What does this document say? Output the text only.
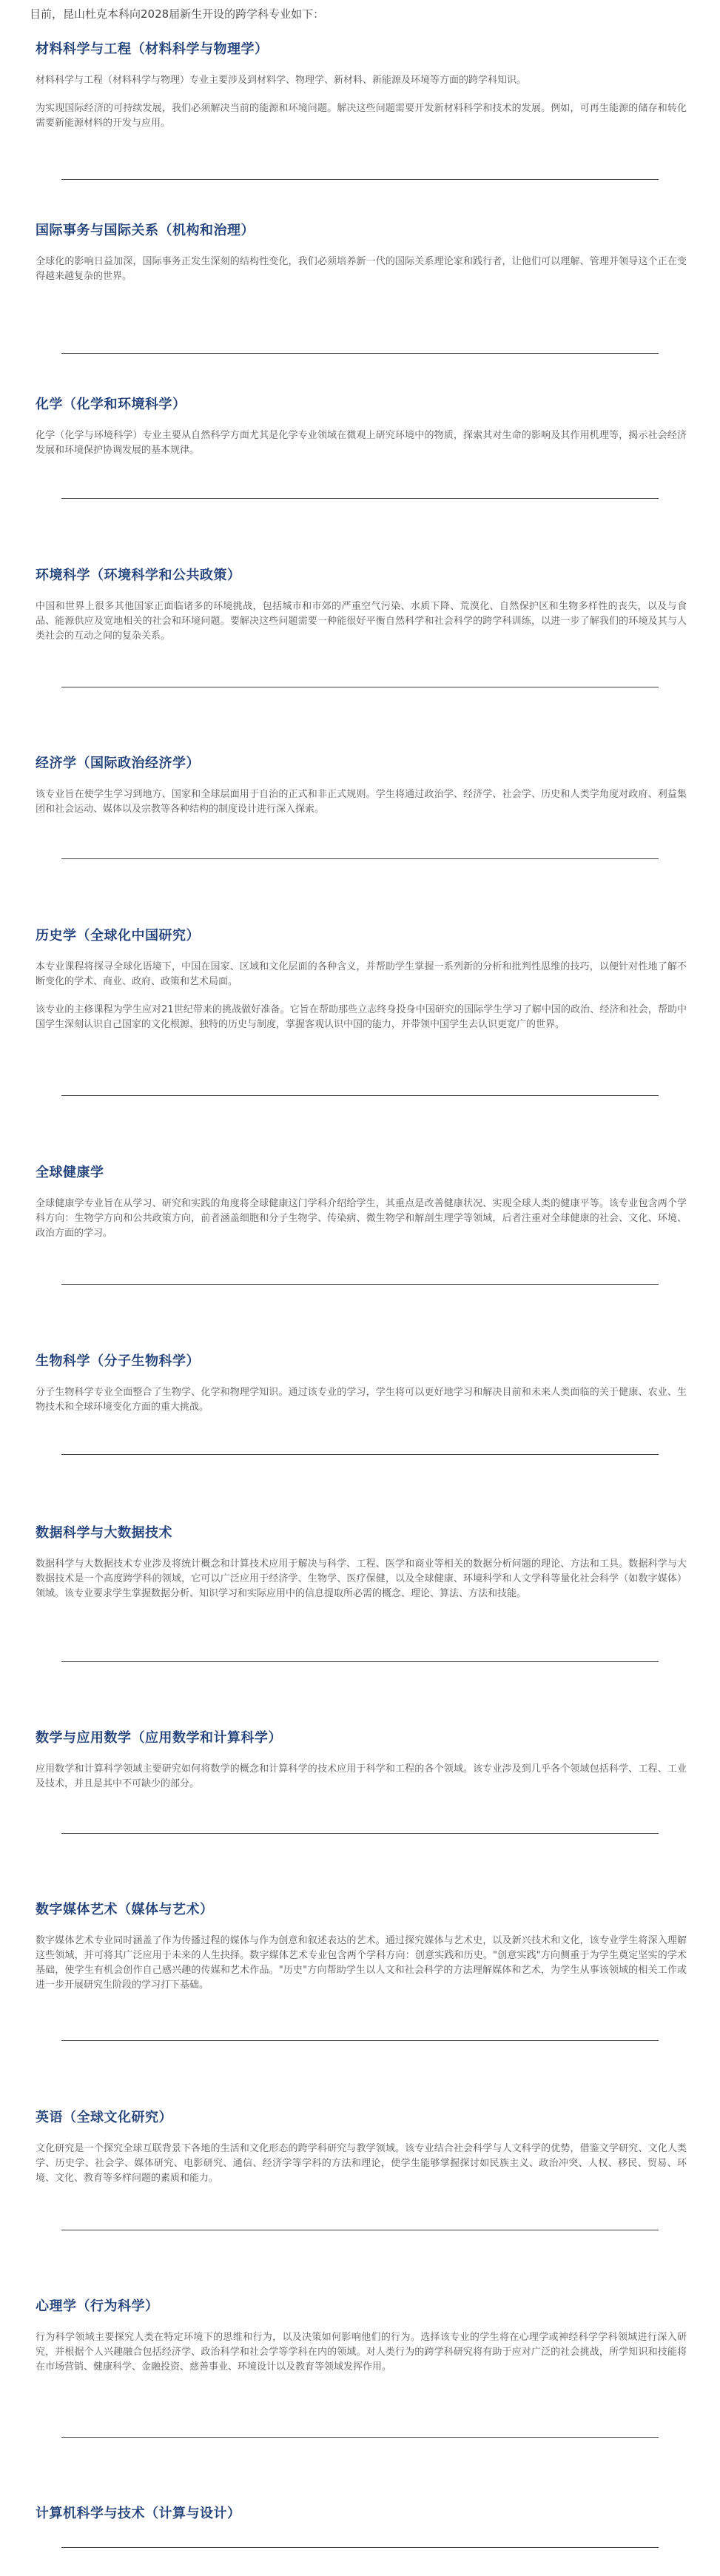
目前，昆山杜克本科向2028届新生开设的跨学科专业如下：

材料科学与工程（材料科学与物理学）

材料科学与工程（材料科学与物理）专业主要涉及到材料学、物理学、新材料、新能源及环境等方面的跨学科知识。

为实现国际经济的可持续发展，我们必须解决当前的能源和环境问题。解决这些问题需要开发新材料科学和技术的发展。例如，可再生能源的储存和转化需要新能源材料的开发与应用。

国际事务与国际关系（机构和治理）

全球化的影响日益加深，国际事务正发生深刻的结构性变化，我们必须培养新一代的国际关系理论家和践行者，让他们可以理解、管理并领导这个正在变得越来越复杂的世界。

化学（化学和环境科学）

化学（化学与环境科学）专业主要从自然科学方面尤其是化学专业领域在微观上研究环境中的物质，探索其对生命的影响及其作用机理等，揭示社会经济发展和环境保护协调发展的基本规律。

环境科学（环境科学和公共政策）

中国和世界上很多其他国家正面临诸多的环境挑战，包括城市和市郊的严重空气污染、水质下降、荒漠化、自然保护区和生物多样性的丧失，以及与食品、能源供应及宽地相关的社会和环境问题。要解决这些问题需要一种能很好平衡自然科学和社会科学的跨学科训练，以进一步了解我们的环境及其与人类社会的互动之间的复杂关系。

经济学（国际政治经济学）

该专业旨在使学生学习到地方、国家和全球层面用于自治的正式和非正式规则。学生将通过政治学、经济学、社会学、历史和人类学角度对政府、利益集团和社会运动、媒体以及宗教等各种结构的制度设计进行深入探索。

历史学（全球化中国研究）

本专业课程将探寻全球化语境下，中国在国家、区域和文化层面的各种含义，并帮助学生掌握一系列新的分析和批判性思维的技巧，以便针对性地了解不断变化的学术、商业、政府、政策和艺术局面。

该专业的主修课程为学生应对21世纪带来的挑战做好准备。它旨在帮助那些立志终身投身中国研究的国际学生学习了解中国的政治、经济和社会，帮助中国学生深刻认识自己国家的文化根源、独特的历史与制度，掌握客观认识中国的能力，并带领中国学生去认识更宽广的世界。

全球健康学

全球健康学专业旨在从学习、研究和实践的角度将全球健康这门学科介绍给学生，其重点是改善健康状况、实现全球人类的健康平等。该专业包含两个学科方向：生物学方向和公共政策方向，前者涵盖细胞和分子生物学、传染病、微生物学和解剖生理学等领域，后者注重对全球健康的社会、文化、环境、政治方面的学习。

生物科学（分子生物科学）

分子生物科学专业全面整合了生物学、化学和物理学知识。通过该专业的学习，学生将可以更好地学习和解决目前和未来人类面临的关于健康、农业、生物技术和全球环境变化方面的重大挑战。

数据科学与大数据技术

数据科学与大数据技术专业涉及将统计概念和计算技术应用于解决与科学、工程、医学和商业等相关的数据分析问题的理论、方法和工具。数据科学与大数据技术是一个高度跨学科的领域，它可以广泛应用于经济学、生物学、医疗保健，以及全球健康、环境科学和人文学科等量化社会科学（如数字媒体）领域。该专业要求学生掌握数据分析、知识学习和实际应用中的信息提取所必需的概念、理论、算法、方法和技能。

数学与应用数学（应用数学和计算科学）

应用数学和计算科学领域主要研究如何将数学的概念和计算科学的技术应用于科学和工程的各个领域。该专业涉及到几乎各个领域包括科学、工程、工业及技术，并且是其中不可缺少的部分。

数字媒体艺术（媒体与艺术）

数字媒体艺术专业同时涵盖了作为传播过程的媒体与作为创意和叙述表达的艺术。通过探究媒体与艺术史，以及新兴技术和文化，该专业学生将深入理解这些领域，并可将其广泛应用于未来的人生抉择。数字媒体艺术专业包含两个学科方向：创意实践和历史。"创意实践"方向侧重于为学生奠定坚实的学术基础，使学生有机会创作自己感兴趣的传媒和艺术作品。"历史"方向帮助学生以人文和社会科学的方法理解媒体和艺术，为学生从事该领域的相关工作或进一步开展研究生阶段的学习打下基础。

英语（全球文化研究）

文化研究是一个探究全球互联背景下各地的生活和文化形态的跨学科研究与教学领域。该专业结合社会科学与人文科学的优势，借鉴文学研究、文化人类学、历史学、社会学、媒体研究、电影研究、通信、经济学等学科的方法和理论，使学生能够掌握探讨如民族主义、政治冲突、人权、移民、贸易、环境、文化、教育等多样问题的素质和能力。

心理学（行为科学）

行为科学领域主要探究人类在特定环境下的思维和行为，以及决策如何影响他们的行为。选择该专业的学生将在心理学或神经科学学科领域进行深入研究，并根据个人兴趣融合包括经济学、政治科学和社会学等学科在内的领域。对人类行为的跨学科研究将有助于应对广泛的社会挑战，所学知识和技能将在市场营销、健康科学、金融投资、慈善事业、环境设计以及教育等领域发挥作用。

计算机科学与技术（计算与设计）
